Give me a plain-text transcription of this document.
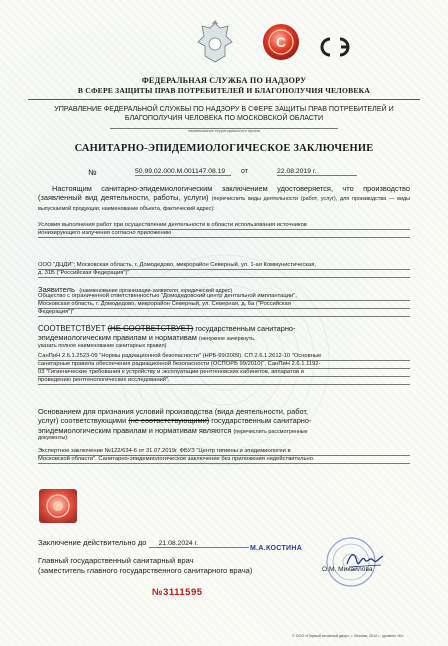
С
ФЕДЕРАЛЬНАЯ СЛУЖБА ПО НАДЗОРУ
В СФЕРЕ ЗАЩИТЫ ПРАВ ПОТРЕБИТЕЛЕЙ И БЛАГОПОЛУЧИЯ ЧЕЛОВЕКА
УПРАВЛЕНИЕ ФЕДЕРАЛЬНОЙ СЛУЖБЫ ПО НАДЗОРУ В СФЕРЕ ЗАЩИТЫ ПРАВ ПОТРЕБИТЕЛЕЙ И
БЛАГОПОЛУЧИЯ ЧЕЛОВЕКА ПО МОСКОВСКОЙ ОБЛАСТИ
наименование территориального органа
САНИТАРНО-ЭПИДЕМИОЛОГИЧЕСКОЕ ЗАКЛЮЧЕНИЕ
№	50.99.02.000.М.001147.08.19	от	22.08.2019 г.
Настоящим санитарно-эпидемиологическим заключением удостоверяется, что производство (заявленный вид деятельности, работы, услуги) (перечислить виды деятельности (работ, услуг), для производства — виды выпускаемой продукции; наименование объекта, фактический адрес):
Условия выполнения работ при осуществлении деятельности в области использования источников
ионизирующего излучения согласно приложению
ООО "ДЦДИ"; Московская область, г. Домодедово, микрорайон Северный, ул. 1-ая Коммунистическая,
д. 31Б ("Российская Федерация")"
Заявитель (наименование организации-заявителя, юридический адрес)
Общество с ограниченной ответственностью "Домодедовский центр дентальной имплантации",
Московская область, г. Домодедово, микрорайон Северный, ул. Северная, д. 6а ("Российская
Федерация")"
СООТВЕТСТВУЕТ (НЕ СООТВЕТСТВУЕТ) государственным санитарно-
эпидемиологическим правилам и нормативам (ненужное зачеркнуть,
указать полное наименование санитарных правил)
СанПиН 2.6.1.2523-09 "Нормы радиационной безопасности" (НРБ-99/2009). СП 2.6.1.2612-10 "Основные
санитарные правила обеспечения радиационной безопасности (ОСПОРБ 99/2010)". СанПиН 2.6.1.1192-
03 "Гигиенические требования к устройству и эксплуатации рентгеновских кабинетов, аппаратов и
проведению рентгенологических исследований".
Основанием для признания условий производства (вида деятельности, работ,
услуг) соответствующими (не соответствующими) государственным санитарно-
эпидемиологическим правилам и нормативам являются (перечислить рассмотренные
документы):
Экспертное заключение №122/634-6 от 31.07.2019г. ФБУЗ "Центр гигиены и эпидемиологии в
Московской области". Санитарно-эпидемиологическое заключение без приложения недействительно.
Заключение действительно до 21.08.2024 г.
М.А.КОСТИНА
Главный государственный санитарный врач
(заместитель главного государственного санитарного врача)	О.М. Михайлова
№3111595
© ООО «Первый печатный двор», г. Москва, 2012 г., уровень «Б»
